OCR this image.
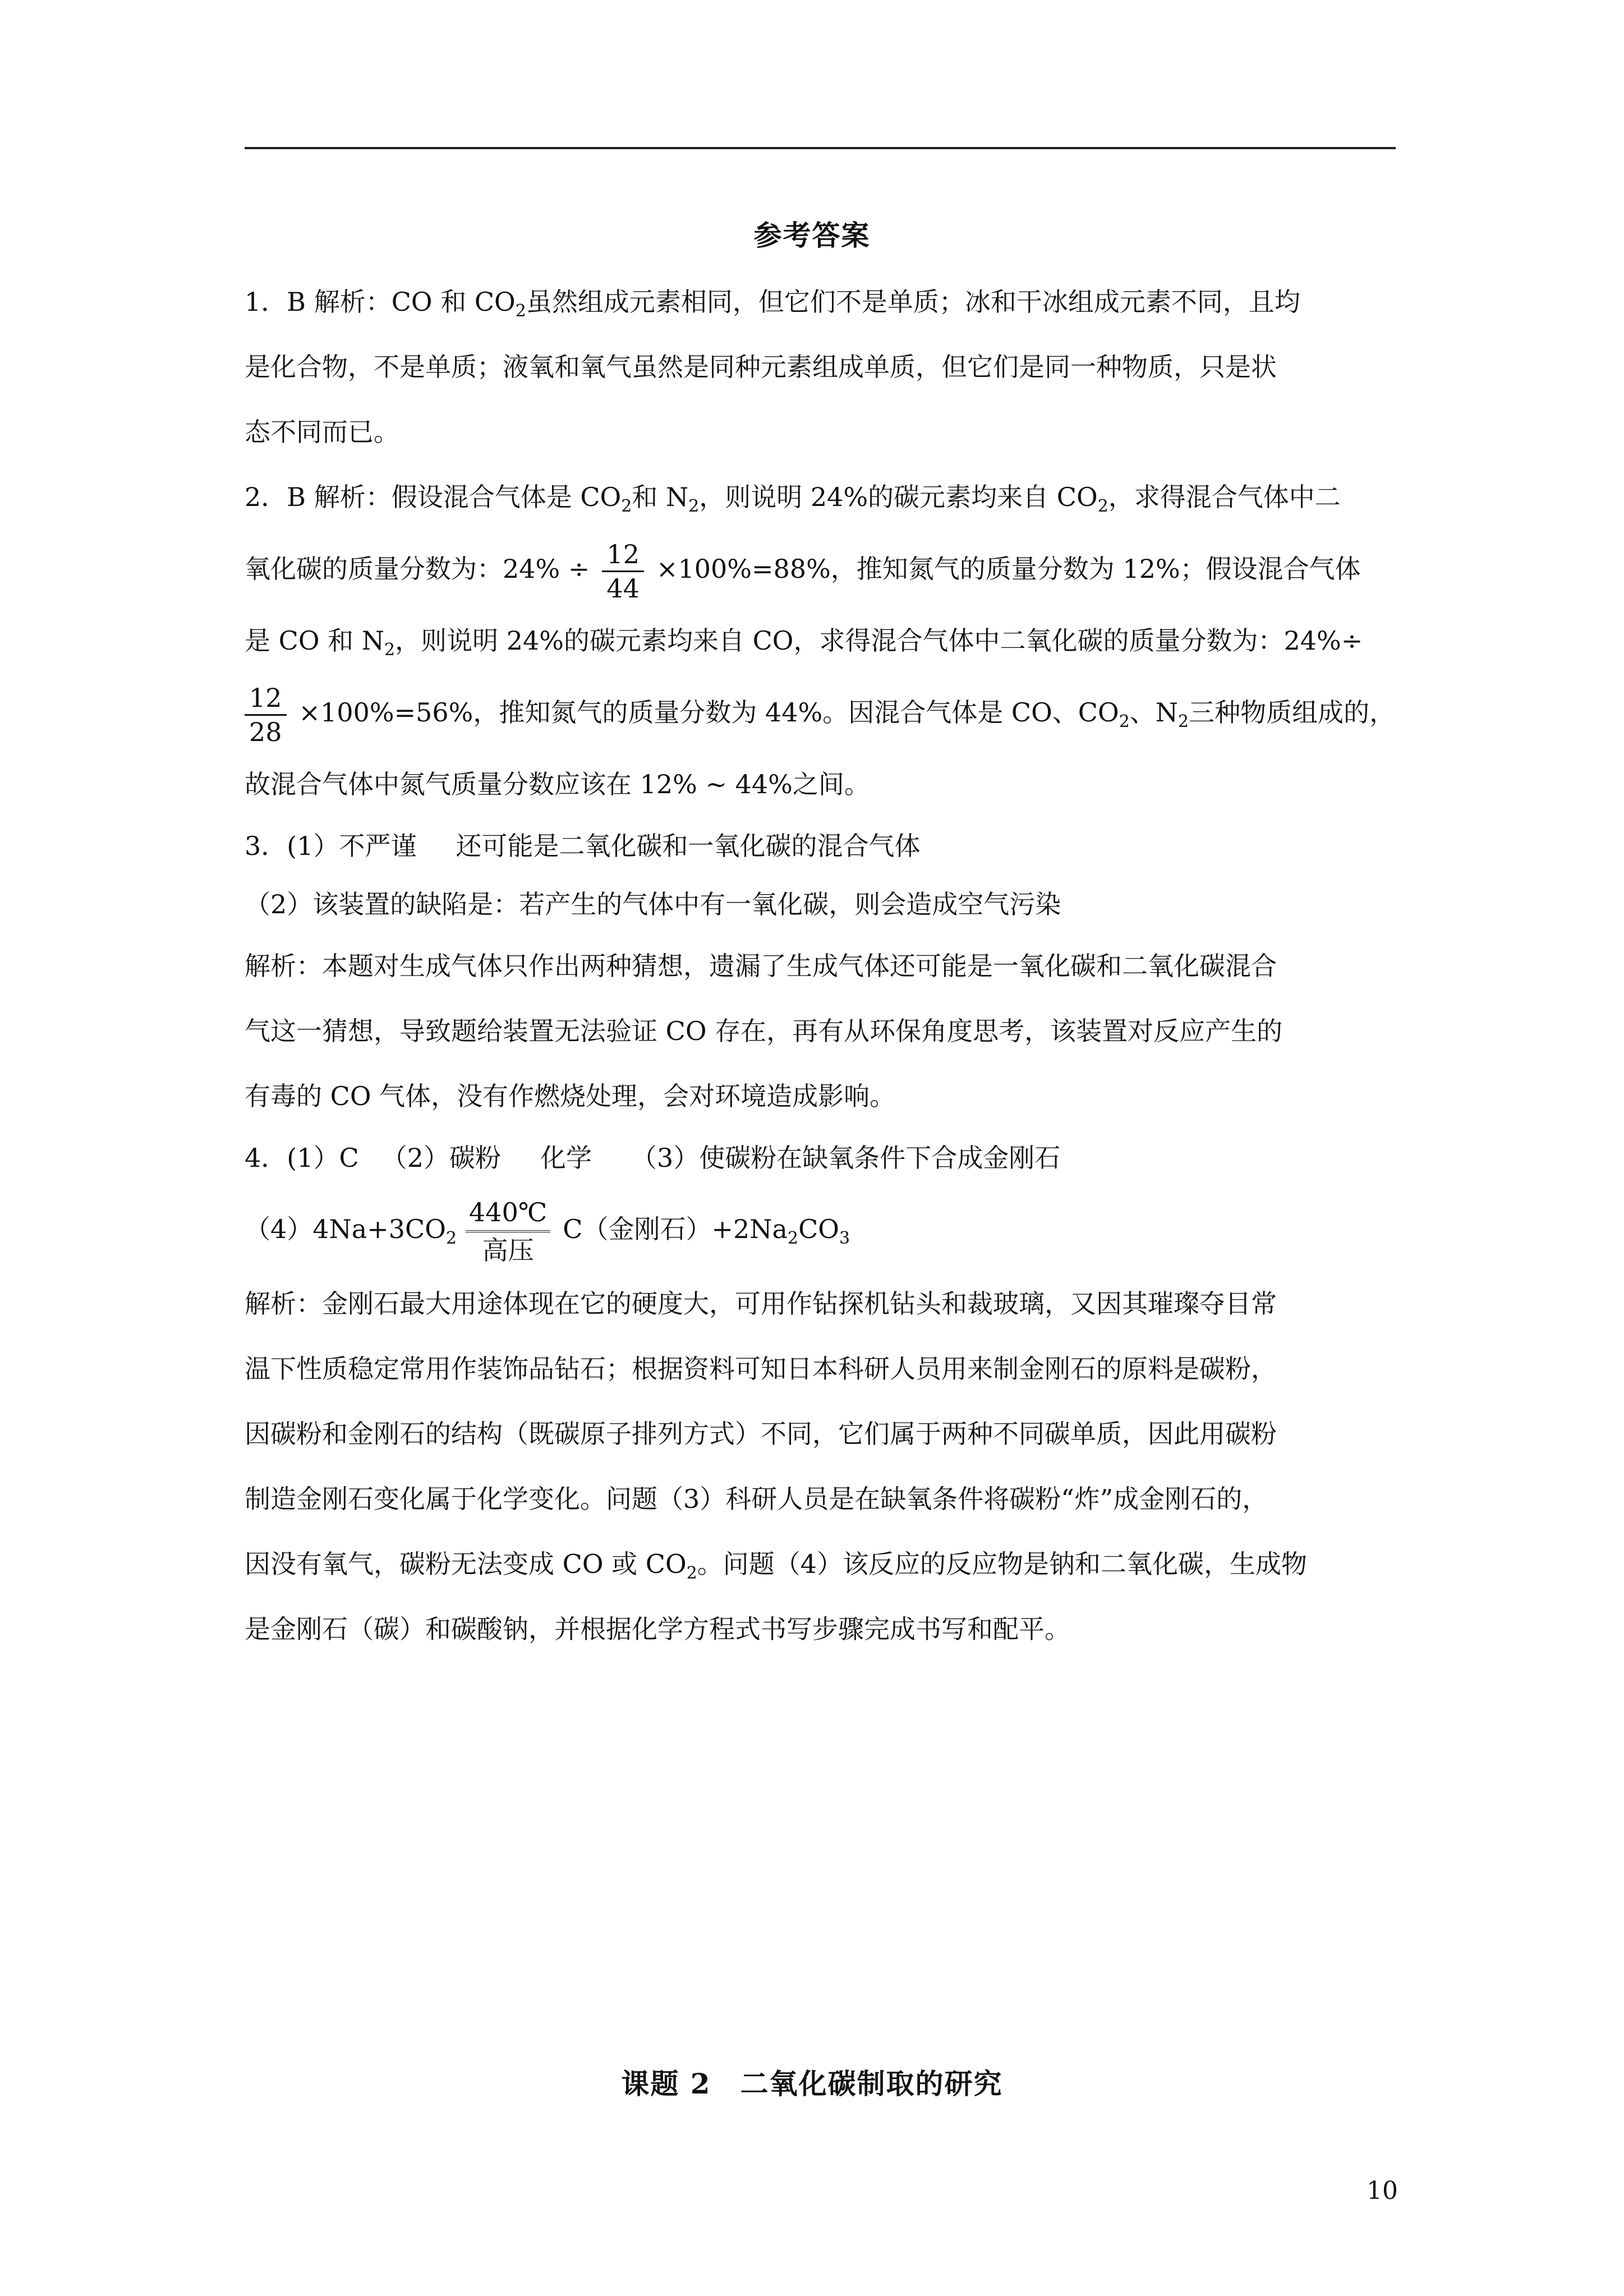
参考答案
1．B 解析：CO 和 $CO_2$虽然组成元素相同，但它们不是单质；冰和干冰组成元素不同，且均
是化合物，不是单质；液氧和氧气虽然是同种元素组成单质，但它们是同一种物质，只是状
态不同而已。
2．B 解析：假设混合气体是 $CO_2$和 $N_2$，则说明 24%的碳元素均来自 $CO_2$，求得混合气体中二
氧化碳的质量分数为：$24\% \div \frac{12}{44} \times 100\%=88\%$，推知氮气的质量分数为 12%；假设混合气体
是 CO 和 $N_2$，则说明 24%的碳元素均来自 CO，求得混合气体中二氧化碳的质量分数为：24%÷
$\frac{12}{28} \times 100\%=56\%$，推知氮气的质量分数为 44%。因混合气体是 CO、$CO_2$、$N_2$三种物质组成的，
故混合气体中氮气质量分数应该在 12% ~ 44%之间。
3．(1）不严谨 还可能是二氧化碳和一氧化碳的混合气体
（2）该装置的缺陷是：若产生的气体中有一氧化碳，则会造成空气污染
解析：本题对生成气体只作出两种猜想，遗漏了生成气体还可能是一氧化碳和二氧化碳混合
气这一猜想，导致题给装置无法验证 CO 存在，再有从环保角度思考，该装置对反应产生的
有毒的 CO 气体，没有作燃烧处理，会对环境造成影响。
4．(1）C （2）碳粉 化学 （3）使碳粉在缺氧条件下合成金刚石
$(4)4Na+3CO_2$
440℃
高压
C（金刚石）$+2Na_2CO_3$
解析：金刚石最大用途体现在它的硬度大，可用作钻探机钻头和裁玻璃，又因其璀璨夺目常
温下性质稳定常用作装饰品钻石；根据资料可知日本科研人员用来制金刚石的原料是碳粉，
因碳粉和金刚石的结构（既碳原子排列方式）不同，它们属于两种不同碳单质，因此用碳粉
制造金刚石变化属于化学变化。问题（3）科研人员是在缺氧条件将碳粉“炸”成金刚石的，
因没有氧气，碳粉无法变成 CO 或 $CO_2$。问题（4）该反应的反应物是钠和二氧化碳，生成物
是金刚石（碳）和碳酸钠，并根据化学方程式书写步骤完成书写和配平。
课题 2　二氧化碳制取的研究
10
